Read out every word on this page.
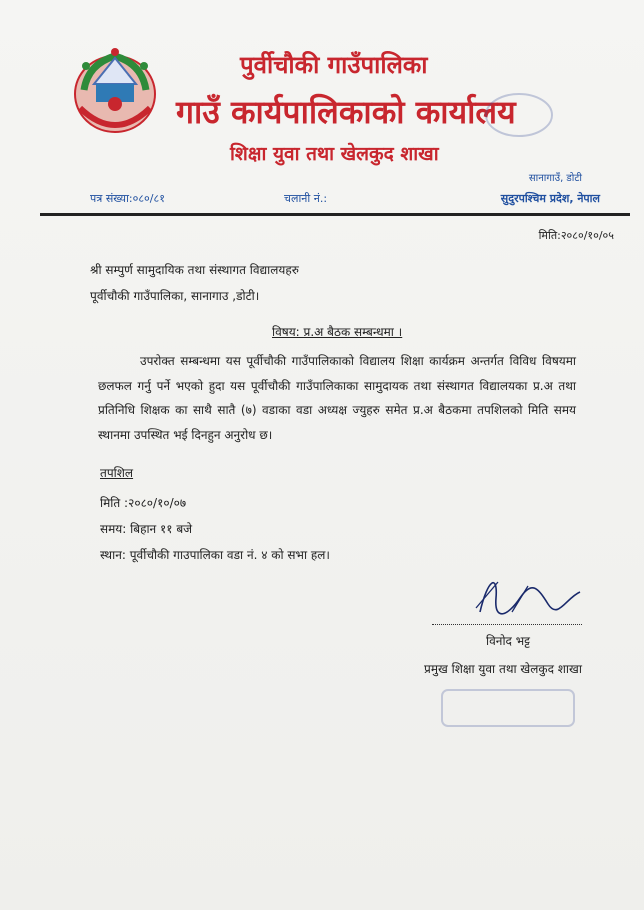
पुर्वीचौकी गाउँपालिका
गाउँ कार्यपालिकाको कार्यालय
शिक्षा युवा तथा खेलकुद शाखा
सानागाउँ, डोटी
पत्र संख्या:०८०/८१	चलानी नं.:	सुदुरपश्चिम प्रदेश, नेपाल
मिति:२०८०/१०/०५
श्री सम्पुर्ण सामुदायिक तथा संस्थागत विद्यालयहरु
पूर्वीचौकी गाउँपालिका, सानागाउ ,डोटी।
विषय: प्र.अ बैठक सम्बन्धमा ।
उपरोक्त सम्बन्धमा यस पूर्वीचौकी गाउँपालिकाको विद्यालय शिक्षा कार्यक्रम अन्तर्गत विविध विषयमा छलफल गर्नु पर्ने भएको हुदा यस पूर्वीचौकी गाउँपालिकाका सामुदायक तथा संस्थागत विद्यालयका प्र.अ तथा प्रतिनिधि शिक्षक का साथै सातै (७) वडाका वडा अध्यक्ष ज्युहरु समेत प्र.अ बैठकमा तपशिलको मिति समय स्थानमा उपस्थित भई दिनहुन अनुरोध छ।
तपशिल
मिति :२०८०/१०/०७
समय: बिहान ११ बजे
स्थान: पूर्वीचौकी गाउपालिका वडा नं. ४ को सभा हल।
विनोद भट्ट
प्रमुख शिक्षा युवा तथा खेलकुद शाखा
